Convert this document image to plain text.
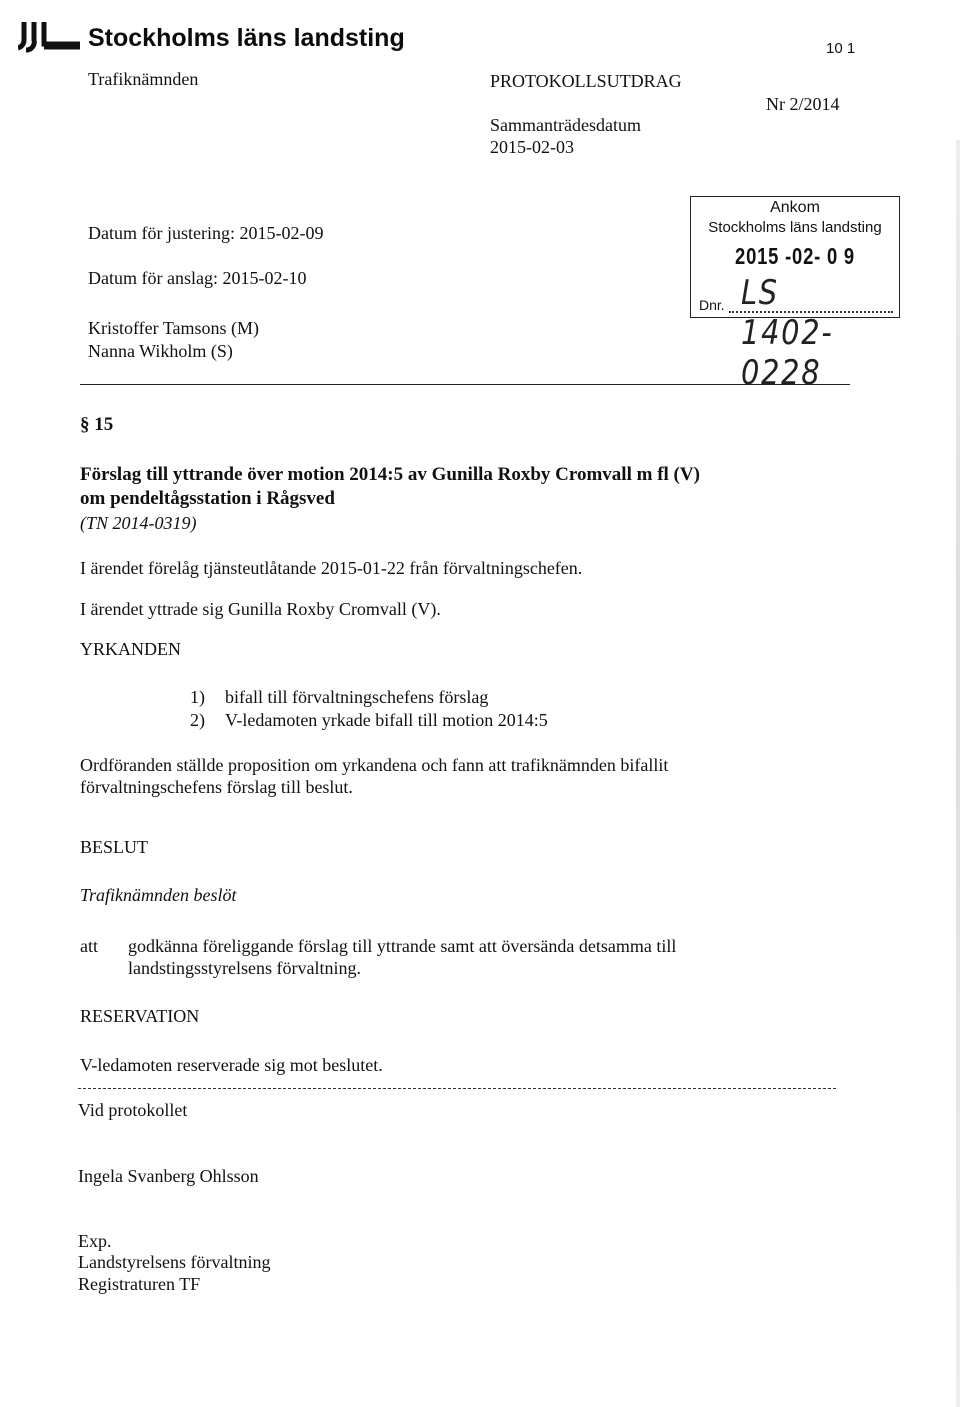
Stockholms läns landsting	10 1
Trafiknämnden	PROTOKOLLSUTDRAG
Nr 2/2014
Sammanträdesdatum
2015-02-03
Ankom
Stockholms läns landsting
2015 -02- 0 9
LS 1402-0228
Dnr.
Datum för justering: 2015-02-09
Datum för anslag: 2015-02-10
Kristoffer Tamsons (M)
Nanna Wikholm (S)
§ 15
Förslag till yttrande över motion 2014:5 av Gunilla Roxby Cromvall m fl (V)
om pendeltågsstation i Rågsved
(TN 2014-0319)
I ärendet förelåg tjänsteutlåtande 2015-01-22 från förvaltningschefen.
I ärendet yttrade sig Gunilla Roxby Cromvall (V).
YRKANDEN
1) bifall till förvaltningschefens förslag
2) V-ledamoten yrkade bifall till motion 2014:5
Ordföranden ställde proposition om yrkandena och fann att trafiknämnden bifallit
förvaltningschefens förslag till beslut.
BESLUT
Trafiknämnden beslöt
att godkänna föreliggande förslag till yttrande samt att översända detsamma till
landstingsstyrelsens förvaltning.
RESERVATION
V-ledamoten reserverade sig mot beslutet.
Vid protokollet
Ingela Svanberg Ohlsson
Exp.
Landstyrelsens förvaltning
Registraturen TF
